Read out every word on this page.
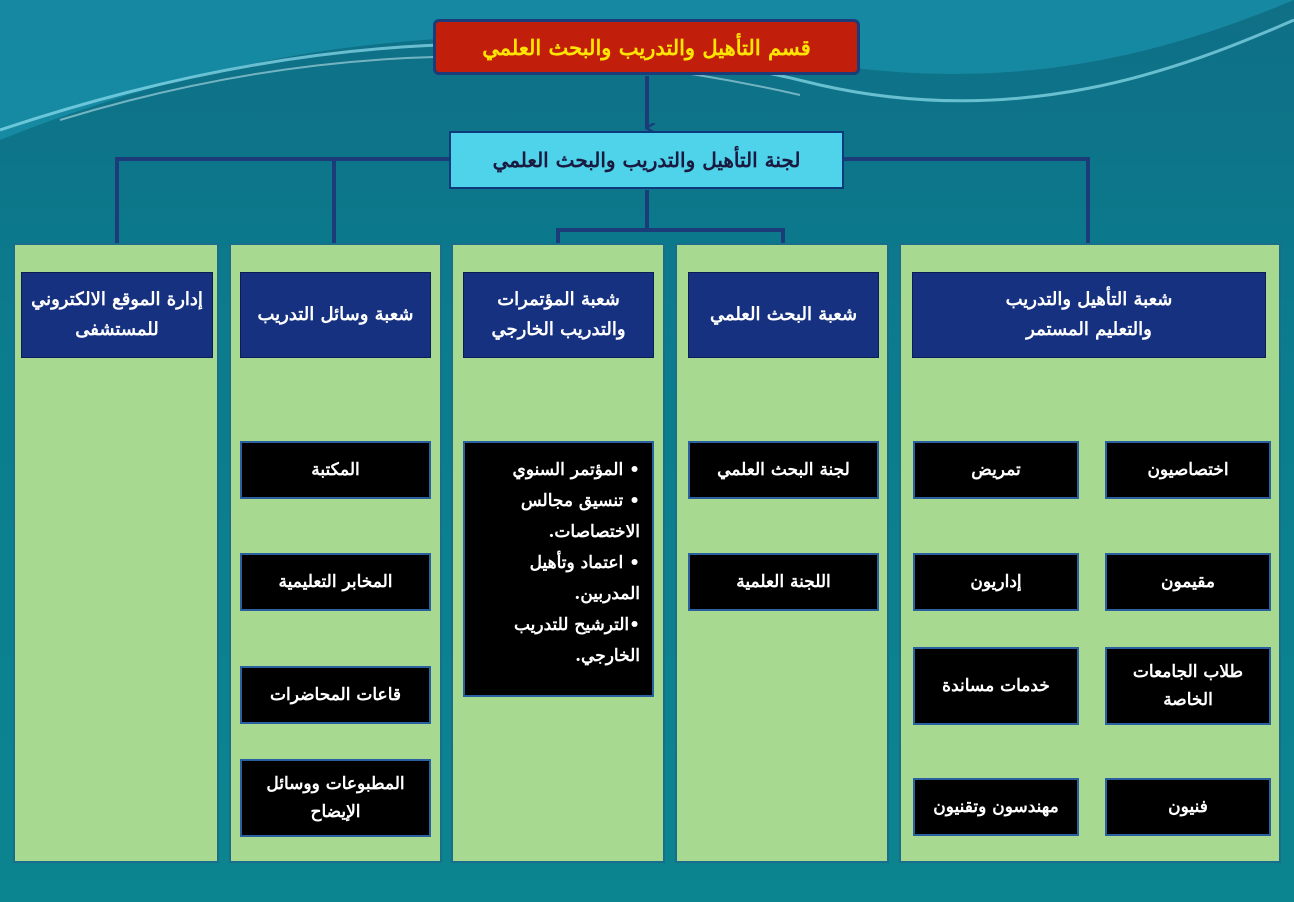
قسم التأهيل والتدريب والبحث العلمي
لجنة التأهيل والتدريب والبحث العلمي
إدارة الموقع الالكتروني
للمستشفى
شعبة وسائل التدريب
المكتبة
المخابر التعليمية
قاعات المحاضرات
المطبوعات ووسائل
الإيضاح
شعبة المؤتمرات
والتدريب الخارجي
• المؤتمر السنوي
• تنسيق مجالس الاختصاصات.
• اعتماد وتأهيل المدربين.
•الترشيح للتدريب الخارجي.
شعبة البحث العلمي
لجنة البحث العلمي
اللجنة العلمية
شعبة التأهيل والتدريب
والتعليم المستمر
اختصاصيون
تمريض
مقيمون
إداريون
طلاب الجامعات
الخاصة
خدمات مساندة
فنيون
مهندسون وتقنيون
